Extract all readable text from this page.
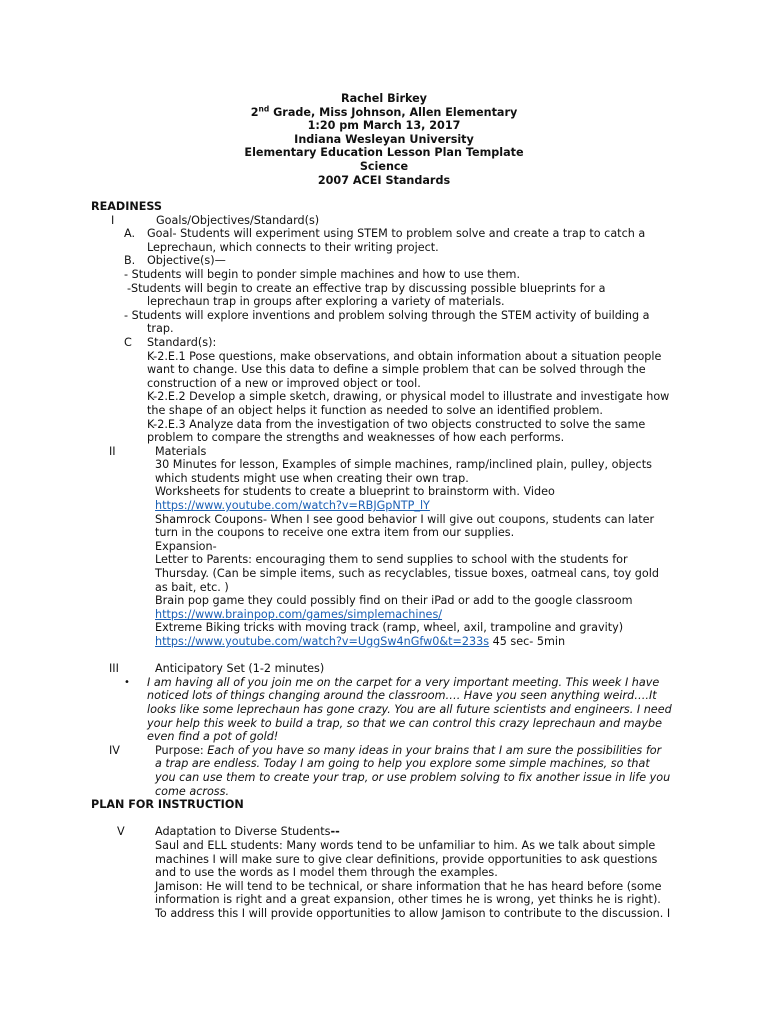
Rachel Birkey
2nd Grade, Miss Johnson, Allen Elementary
1:20 pm March 13, 2017
Indiana Wesleyan University
Elementary Education Lesson Plan Template
Science
2007 ACEI Standards
READINESS
I	Goals/Objectives/Standard(s)
A. Goal- Students will experiment using STEM to problem solve and create a trap to catch a
Leprechaun, which connects to their writing project.
B. Objective(s)—
- Students will begin to ponder simple machines and how to use them.
-Students will begin to create an effective trap by discussing possible blueprints for a
leprechaun trap in groups after exploring a variety of materials.
- Students will explore inventions and problem solving through the STEM activity of building a
trap.
C Standard(s):
K-2.E.1 Pose questions, make observations, and obtain information about a situation people
want to change. Use this data to define a simple problem that can be solved through the
construction of a new or improved object or tool.
K-2.E.2 Develop a simple sketch, drawing, or physical model to illustrate and investigate how
the shape of an object helps it function as needed to solve an identified problem.
K-2.E.3 Analyze data from the investigation of two objects constructed to solve the same
problem to compare the strengths and weaknesses of how each performs.
II	Materials
30 Minutes for lesson, Examples of simple machines, ramp/inclined plain, pulley, objects
which students might use when creating their own trap.
Worksheets for students to create a blueprint to brainstorm with. Video
https://www.youtube.com/watch?v=RBJGpNTP_lY
Shamrock Coupons- When I see good behavior I will give out coupons, students can later
turn in the coupons to receive one extra item from our supplies.
Expansion-
Letter to Parents: encouraging them to send supplies to school with the students for
Thursday. (Can be simple items, such as recyclables, tissue boxes, oatmeal cans, toy gold
as bait, etc. )
Brain pop game they could possibly find on their iPad or add to the google classroom
https://www.brainpop.com/games/simplemachines/
Extreme Biking tricks with moving track (ramp, wheel, axil, trampoline and gravity)
https://www.youtube.com/watch?v=UggSw4nGfw0&t=233s 45 sec- 5min
III	Anticipatory Set (1-2 minutes)
• I am having all of you join me on the carpet for a very important meeting. This week I have
noticed lots of things changing around the classroom…. Have you seen anything weird….It
looks like some leprechaun has gone crazy. You are all future scientists and engineers. I need
your help this week to build a trap, so that we can control this crazy leprechaun and maybe
even find a pot of gold!
IV	Purpose: Each of you have so many ideas in your brains that I am sure the possibilities for
a trap are endless. Today I am going to help you explore some simple machines, so that
you can use them to create your trap, or use problem solving to fix another issue in life you
come across.
PLAN FOR INSTRUCTION
V	Adaptation to Diverse Students--
Saul and ELL students: Many words tend to be unfamiliar to him. As we talk about simple
machines I will make sure to give clear definitions, provide opportunities to ask questions
and to use the words as I model them through the examples.
Jamison: He will tend to be technical, or share information that he has heard before (some
information is right and a great expansion, other times he is wrong, yet thinks he is right).
To address this I will provide opportunities to allow Jamison to contribute to the discussion. I
